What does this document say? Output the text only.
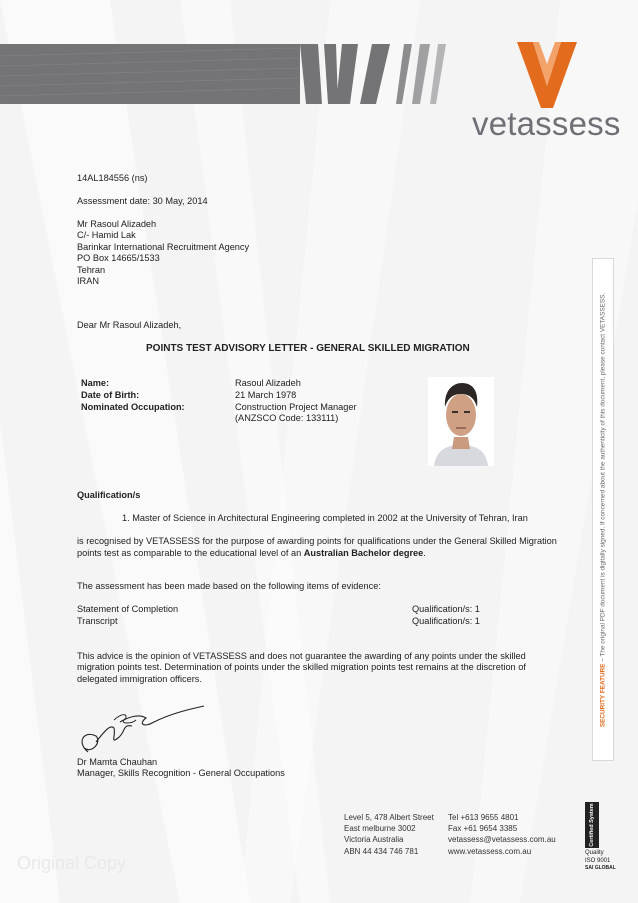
vetassess
14AL184556 (ns)
Assessment date: 30 May, 2014
Mr Rasoul Alizadeh
C/- Hamid Lak
Barinkar International Recruitment Agency
PO Box 14665/1533
Tehran
IRAN
Dear Mr Rasoul Alizadeh,
POINTS TEST ADVISORY LETTER - GENERAL SKILLED MIGRATION
Name:	Rasoul Alizadeh
Date of Birth:	21 March 1978
Nominated Occupation:	Construction Project Manager
(ANZSCO Code: 133111)
Qualification/s
1. Master of Science in Architectural Engineering completed in 2002 at the University of Tehran, Iran
is recognised by VETASSESS for the purpose of awarding points for qualifications under the General Skilled Migration
points test as comparable to the educational level of an Australian Bachelor degree.
The assessment has been made based on the following items of evidence:
Statement of Completion	Qualification/s: 1
Transcript	Qualification/s: 1
This advice is the opinion of VETASSESS and does not guarantee the awarding of any points under the skilled
migration points test. Determination of points under the skilled migration points test remains at the discretion of
delegated immigration officers.
Dr Mamta Chauhan
Manager, Skills Recognition - General Occupations
SECURITY FEATURE – The original PDF document is digitally signed. If concerned about the authenticity of this document, please contact VETASSESS.
Level 5, 478 Albert Street
East melburne 3002
Victoria Australia
ABN 44 434 746 781
Tel +613 9655 4801
Fax +61 9654 3385
vetassess@vetassess.com.au
www.vetassess.com.au
Certified System
Quality
ISO 9001
SAI GLOBAL
Original Copy
